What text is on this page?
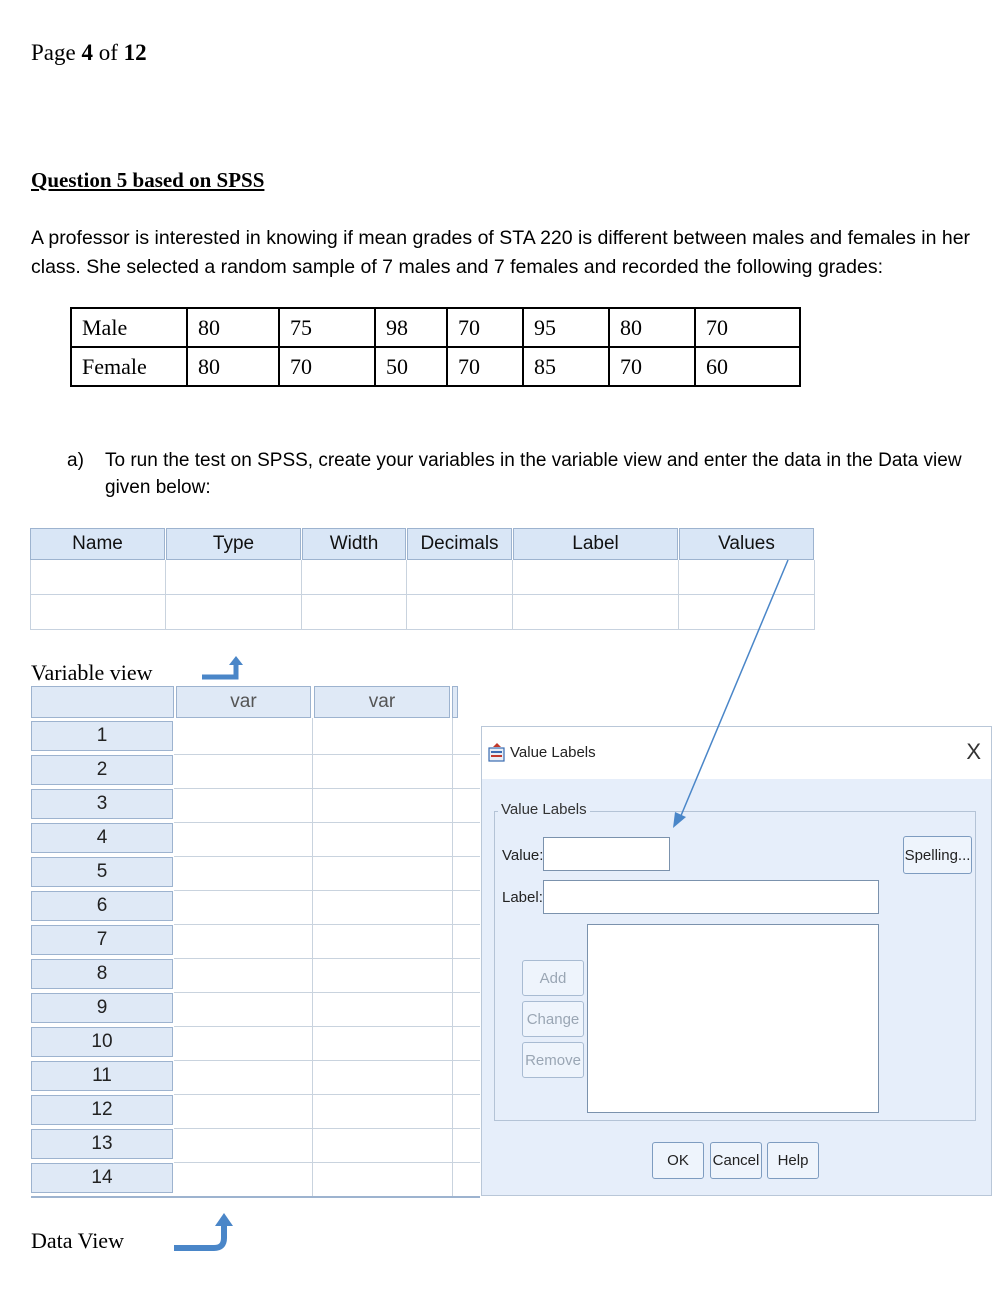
Page 4 of 12
Question 5 based on SPSS
A professor is interested in knowing if mean grades of STA 220 is different between males and females in her class. She selected a random sample of 7 males and 7 females and recorded the following grades:
Male	80	75	98	70	95	80	70
Female	80	70	50	70	85	70	60
a) To run the test on SPSS, create your variables in the variable view and enter the data in the Data view given below:
Name	Type	Width	Decimals	Label	Values
Variable view
var	var
1
2
3
4
5
6
7
8
9
10
11
12
13
14
Data View
Value Labels	X
Value Labels
Value:
Label:
Add
Change
Remove
Spelling...
OK	Cancel	Help
